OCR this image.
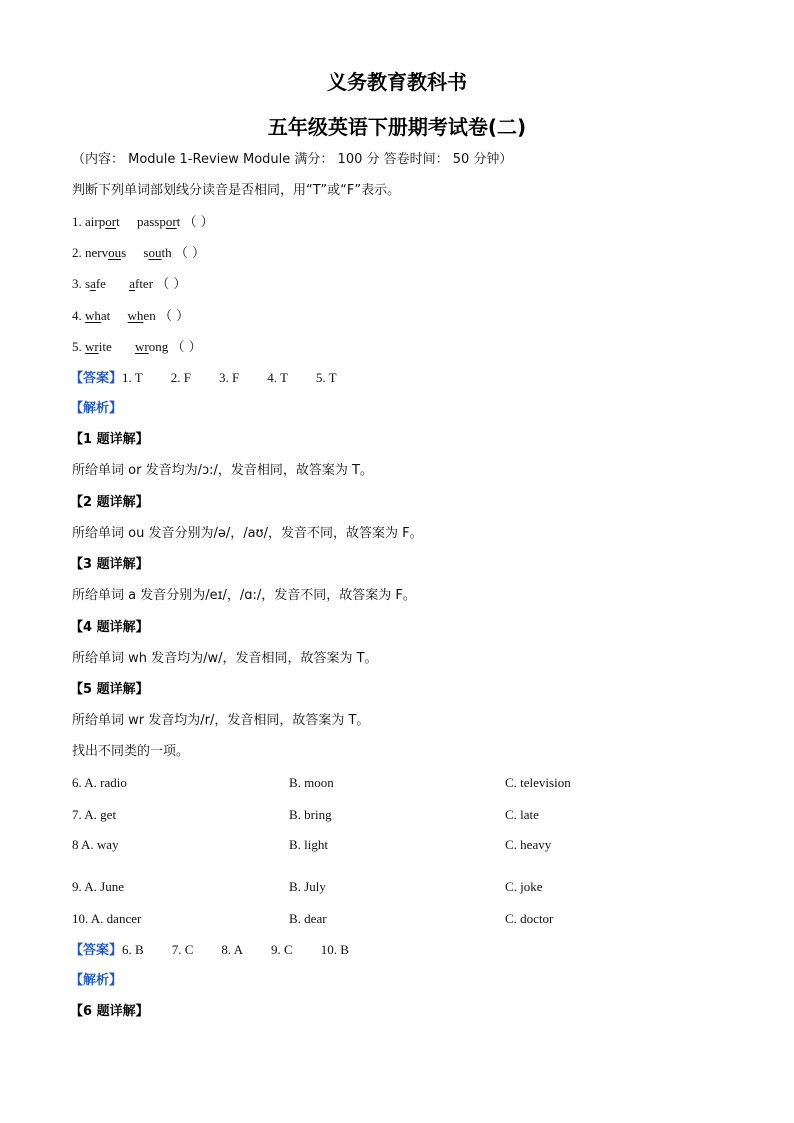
义务教育教科书
五年级英语下册期考试卷(二)
（内容： Module 1-Review Module 满分： 100 分 答卷时间： 50 分钟）
判断下列单词部划线分读音是否相同，用“T”或“F”表示。
1. airport passport （ ）
2. nervous south （ ）
3. safe after （ ）
4. what when （ ）
5. write wrong （ ）
【答案】1. T 2. F 3. F 4. T 5. T
【解析】
【1 题详解】
所给单词 or 发音均为/ɔ:/，发音相同，故答案为 T。
【2 题详解】
所给单词 ou 发音分别为/ə/，/aʊ/，发音不同，故答案为 F。
【3 题详解】
所给单词 a 发音分别为/eɪ/，/ɑ:/，发音不同，故答案为 F。
【4 题详解】
所给单词 wh 发音均为/w/，发音相同，故答案为 T。
【5 题详解】
所给单词 wr 发音均为/r/，发音相同，故答案为 T。
找出不同类的一项。
6. A. radio	B. moon	C. television
7. A. get	B. bring	C. late
8 A. way	B. light	C. heavy
9. A. June	B. July	C. joke
10. A. dancer	B. dear	C. doctor
【答案】6. B 7. C 8. A 9. C 10. B
【解析】
【6 题详解】
